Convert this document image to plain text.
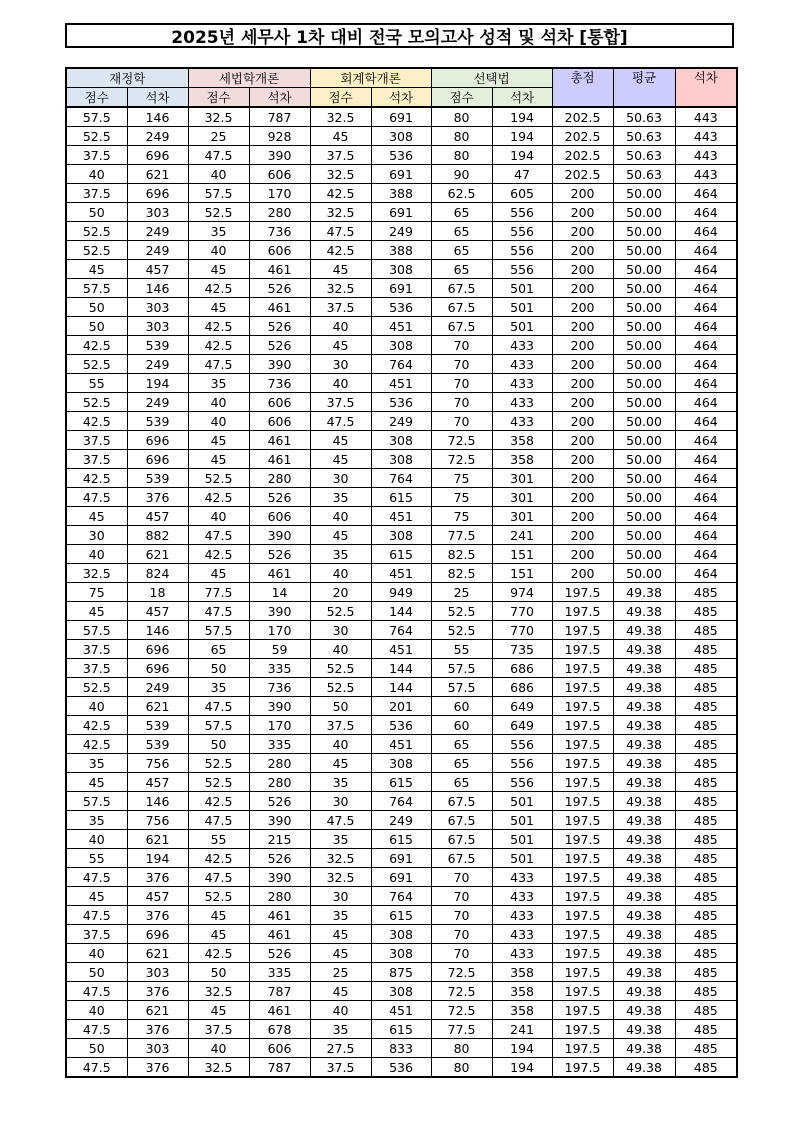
2025년 세무사 1차 대비 전국 모의고사 성적 및 석차 [통합]
재정학		세법학개론		회계학개론		선택법		총점	평균	석차
점수	석차	점수	석차	점수	석차	점수	석차			
57.5	146	32.5	787	32.5	691	80	194	202.5	50.63	443
52.5	249	25	928	45	308	80	194	202.5	50.63	443
37.5	696	47.5	390	37.5	536	80	194	202.5	50.63	443
40	621	40	606	32.5	691	90	47	202.5	50.63	443
37.5	696	57.5	170	42.5	388	62.5	605	200	50.00	464
50	303	52.5	280	32.5	691	65	556	200	50.00	464
52.5	249	35	736	47.5	249	65	556	200	50.00	464
52.5	249	40	606	42.5	388	65	556	200	50.00	464
45	457	45	461	45	308	65	556	200	50.00	464
57.5	146	42.5	526	32.5	691	67.5	501	200	50.00	464
50	303	45	461	37.5	536	67.5	501	200	50.00	464
50	303	42.5	526	40	451	67.5	501	200	50.00	464
42.5	539	42.5	526	45	308	70	433	200	50.00	464
52.5	249	47.5	390	30	764	70	433	200	50.00	464
55	194	35	736	40	451	70	433	200	50.00	464
52.5	249	40	606	37.5	536	70	433	200	50.00	464
42.5	539	40	606	47.5	249	70	433	200	50.00	464
37.5	696	45	461	45	308	72.5	358	200	50.00	464
37.5	696	45	461	45	308	72.5	358	200	50.00	464
42.5	539	52.5	280	30	764	75	301	200	50.00	464
47.5	376	42.5	526	35	615	75	301	200	50.00	464
45	457	40	606	40	451	75	301	200	50.00	464
30	882	47.5	390	45	308	77.5	241	200	50.00	464
40	621	42.5	526	35	615	82.5	151	200	50.00	464
32.5	824	45	461	40	451	82.5	151	200	50.00	464
75	18	77.5	14	20	949	25	974	197.5	49.38	485
45	457	47.5	390	52.5	144	52.5	770	197.5	49.38	485
57.5	146	57.5	170	30	764	52.5	770	197.5	49.38	485
37.5	696	65	59	40	451	55	735	197.5	49.38	485
37.5	696	50	335	52.5	144	57.5	686	197.5	49.38	485
52.5	249	35	736	52.5	144	57.5	686	197.5	49.38	485
40	621	47.5	390	50	201	60	649	197.5	49.38	485
42.5	539	57.5	170	37.5	536	60	649	197.5	49.38	485
42.5	539	50	335	40	451	65	556	197.5	49.38	485
35	756	52.5	280	45	308	65	556	197.5	49.38	485
45	457	52.5	280	35	615	65	556	197.5	49.38	485
57.5	146	42.5	526	30	764	67.5	501	197.5	49.38	485
35	756	47.5	390	47.5	249	67.5	501	197.5	49.38	485
40	621	55	215	35	615	67.5	501	197.5	49.38	485
55	194	42.5	526	32.5	691	67.5	501	197.5	49.38	485
47.5	376	47.5	390	32.5	691	70	433	197.5	49.38	485
45	457	52.5	280	30	764	70	433	197.5	49.38	485
47.5	376	45	461	35	615	70	433	197.5	49.38	485
37.5	696	45	461	45	308	70	433	197.5	49.38	485
40	621	42.5	526	45	308	70	433	197.5	49.38	485
50	303	50	335	25	875	72.5	358	197.5	49.38	485
47.5	376	32.5	787	45	308	72.5	358	197.5	49.38	485
40	621	45	461	40	451	72.5	358	197.5	49.38	485
47.5	376	37.5	678	35	615	77.5	241	197.5	49.38	485
50	303	40	606	27.5	833	80	194	197.5	49.38	485
47.5	376	32.5	787	37.5	536	80	194	197.5	49.38	485
